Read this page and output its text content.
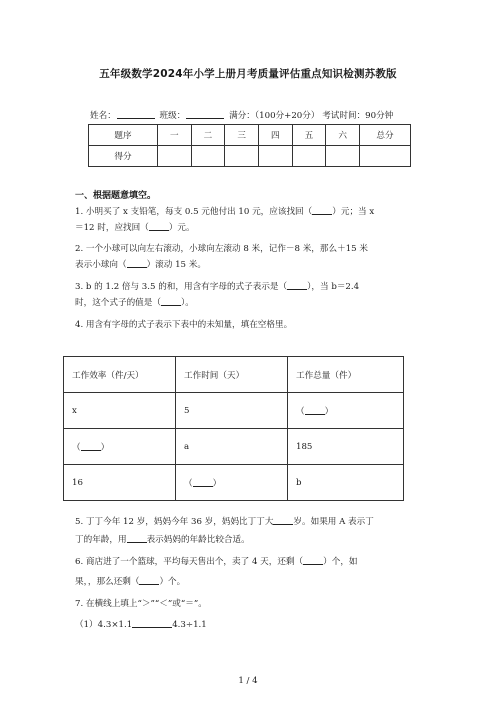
五年级数学2024年小学上册月考质量评估重点知识检测苏教版
姓名：	班级：	满分：（100分+20分） 考试时间：90分钟
题序	一	二	三	四	五	六	总分
得分							
一、根据题意填空。
1. 小明买了 x 支铅笔，每支 0.5 元他付出 10 元，应该找回（ ）元；当 x
＝12 时，应找回（ ）元。
2. 一个小球可以向左右滚动，小球向左滚动 8 米，记作－8 米，那么＋15 米
表示小球向（ ）滚动 15 米。
3. b 的 1.2 倍与 3.5 的和，用含有字母的式子表示是（ ），当 b＝2.4
时，这个式子的值是（ ）。
4. 用含有字母的式子表示下表中的未知量，填在空格里。
工作效率（件/天）	工作时间（天）	工作总量（件）
x	5	（ ）
（ ）	a	185
16	（ ）	b
5. 丁丁今年 12 岁，妈妈今年 36 岁，妈妈比丁丁大 岁。如果用 A 表示丁
丁的年龄，用 表示妈妈的年龄比较合适。
6. 商店进了一个篮球，平均每天售出个，卖了 4 天，还剩（ ）个，如
果，，那么还剩（ ）个。
7. 在横线上填上“＞”“＜”或“＝”。
（1）4.3×1.1	4.3÷1.1
1 / 4
